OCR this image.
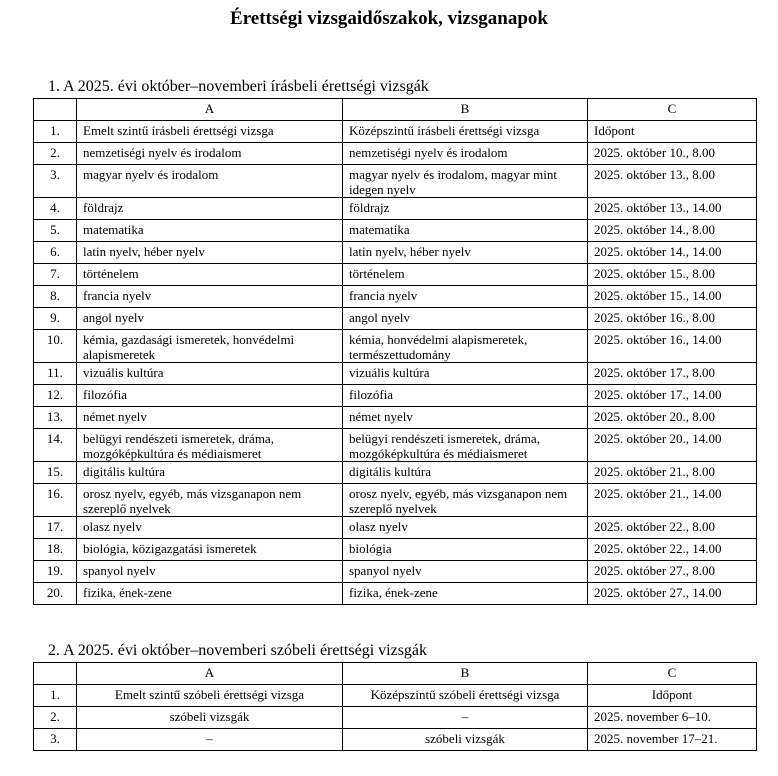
Érettségi vizsgaidőszakok, vizsganapok
1. A 2025. évi október–novemberi írásbeli érettségi vizsgák
	A	B	C
1.	Emelt szintű írásbeli érettségi vizsga	Középszintű írásbeli érettségi vizsga	Időpont
2.	nemzetiségi nyelv és irodalom	nemzetiségi nyelv és irodalom	2025. október 10., 8.00
3.	magyar nyelv és irodalom	magyar nyelv és irodalom, magyar mint idegen nyelv	2025. október 13., 8.00
4.	földrajz	földrajz	2025. október 13., 14.00
5.	matematika	matematika	2025. október 14., 8.00
6.	latin nyelv, héber nyelv	latin nyelv, héber nyelv	2025. október 14., 14.00
7.	történelem	történelem	2025. október 15., 8.00
8.	francia nyelv	francia nyelv	2025. október 15., 14.00
9.	angol nyelv	angol nyelv	2025. október 16., 8.00
10.	kémia, gazdasági ismeretek, honvédelmi alapismeretek	kémia, honvédelmi alapismeretek, természettudomány	2025. október 16., 14.00
11.	vizuális kultúra	vizuális kultúra	2025. október 17., 8.00
12.	filozófia	filozófia	2025. október 17., 14.00
13.	német nyelv	német nyelv	2025. október 20., 8.00
14.	belügyi rendészeti ismeretek, dráma, mozgóképkultúra és médiaismeret	belügyi rendészeti ismeretek, dráma, mozgóképkultúra és médiaismeret	2025. október 20., 14.00
15.	digitális kultúra	digitális kultúra	2025. október 21., 8.00
16.	orosz nyelv, egyéb, más vizsganapon nem szereplő nyelvek	orosz nyelv, egyéb, más vizsganapon nem szereplő nyelvek	2025. október 21., 14.00
17.	olasz nyelv	olasz nyelv	2025. október 22., 8.00
18.	biológia, közigazgatási ismeretek	biológia	2025. október 22., 14.00
19.	spanyol nyelv	spanyol nyelv	2025. október 27., 8.00
20.	fizika, ének-zene	fizika, ének-zene	2025. október 27., 14.00
2. A 2025. évi október–novemberi szóbeli érettségi vizsgák
	A	B	C
1.	Emelt szintű szóbeli érettségi vizsga	Középszintű szóbeli érettségi vizsga	Időpont
2.	szóbeli vizsgák	–	2025. november 6–10.
3.	–	szóbeli vizsgák	2025. november 17–21.
